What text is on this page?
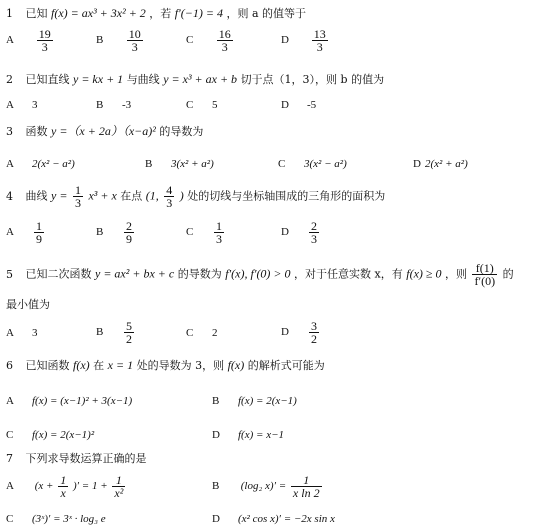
1 已知 f(x) = ax³ + 3x² + 2 ，若 f′(−1) = 4 ，则 a 的值等于
A $\frac{19}{3}$	B $\frac{10}{3}$	C $\frac{16}{3}$	D $\frac{13}{3}$
2 已知直线 y = kx + 1 与曲线 y = x³ + ax + b 切于点（1，3），则 b 的值为
A 3	B -3	C 5	D -5
3 函数 y =（x + 2a）（x−a)² 的导数为
A 2(x² − a²)	B 3(x² + a²)	C 3(x² − a²)	D 2(x² + a²)
4 曲线 $y = \frac{1}{3} x^3 + x$ 在点 (1, $\frac{4}{3}$ ) 处的切线与坐标轴围成的三角形的面积为
A $\frac{1}{9}$	B $\frac{2}{9}$	C $\frac{1}{3}$	D $\frac{2}{3}$
5 已知二次函数 y = ax² + bx + c 的导数为 f′(x), f′(0) > 0 ，对于任意实数 x，有 f(x) ≥ 0 ，则 $\frac{f(1)}{f'(0)}$ 的
最小值为
A 3	B $\frac{5}{2}$	C 2	D $\frac{3}{2}$
6 已知函数 f(x) 在 x = 1 处的导数为 3，则 f(x) 的解析式可能为
A f(x) = (x−1)² + 3(x−1)	B f(x) = 2(x−1)
C f(x) = 2(x−1)²	D f(x) = x−1
7 下列求导数运算正确的是
A ($x + \frac{1}{x}$ )′ = $1 + \frac{1}{\text{x²}}$	B (log₂ $x)' = \frac{1}{\text{x ln 2}}$
C (3ˣ)′ = 3ˣ · log₃ e	D (x² cos x)′ = −2x sin x
